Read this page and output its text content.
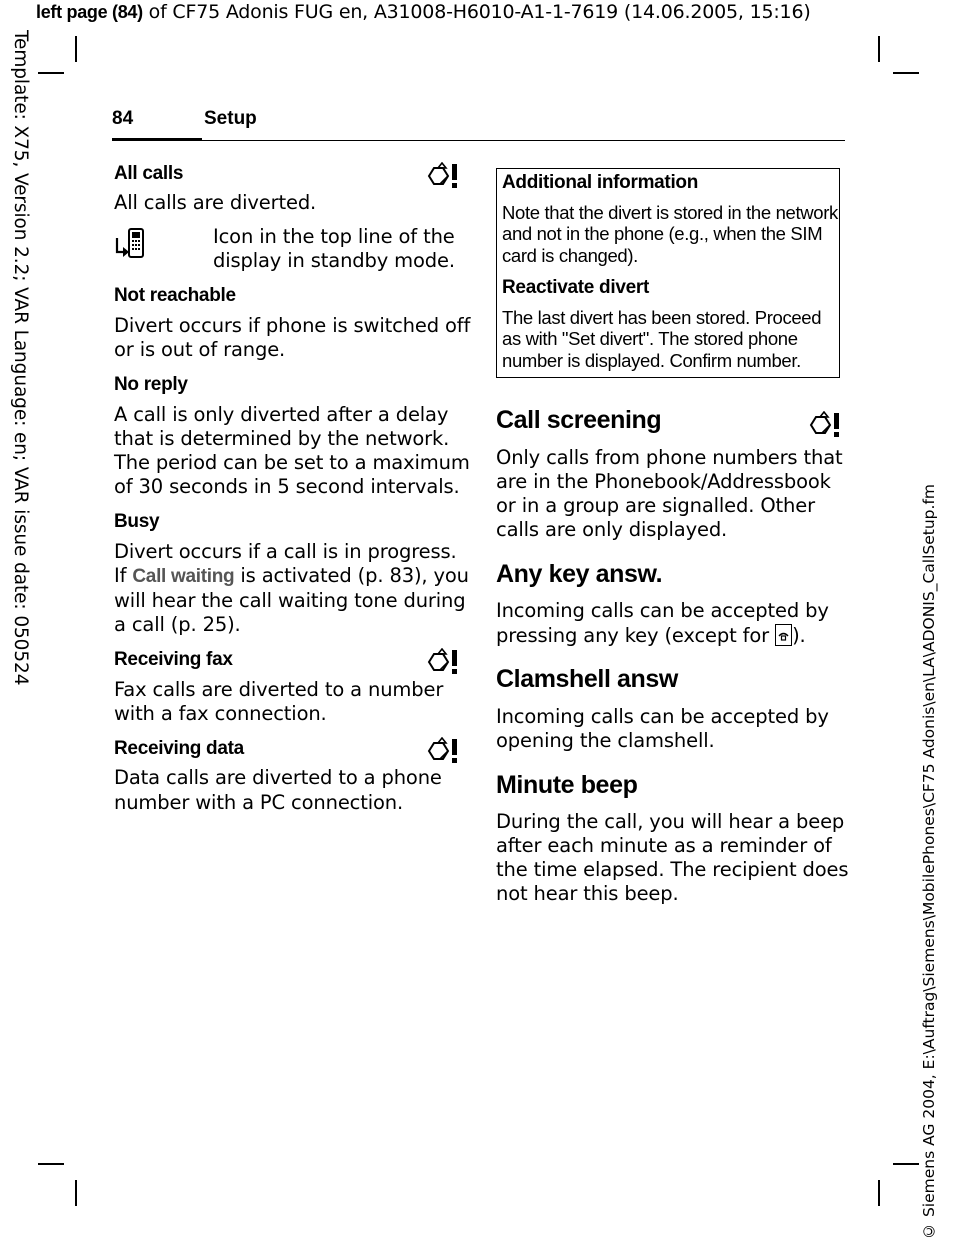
left page (84) of CF75 Adonis FUG en, A31008-H6010-A1-1-7619 (14.06.2005, 15:16)
Template: X75, Version 2.2; VAR Language: en; VAR issue date: 050524
© Siemens AG 2004, E:\Auftrag\Siemens\MobilePhones\CF75 Adonis\en\LA\ADONIS_CallSetup.fm
84	Setup
All calls
All calls are diverted.
Icon in the top line of the
display in standby mode.
Not reachable
Divert occurs if phone is switched off
or is out of range.
No reply
A call is only diverted after a delay
that is determined by the network.
The period can be set to a maximum
of 30 seconds in 5 second intervals.
Busy
Divert occurs if a call is in progress.
If Call waiting is activated (p. 83), you
will hear the call waiting tone during
a call (p. 25).
Receiving fax
Fax calls are diverted to a number
with a fax connection.
Receiving data
Data calls are diverted to a phone
number with a PC connection.
Additional information
Note that the divert is stored in the network
and not in the phone (e.g., when the SIM
card is changed).
Reactivate divert
The last divert has been stored. Proceed
as with "Set divert". The stored phone
number is displayed. Confirm number.
Call screening
Only calls from phone numbers that
are in the Phonebook/Addressbook
or in a group are signalled. Other
calls are only displayed.
Any key answ.
Incoming calls can be accepted by
pressing any key (except for
).
Clamshell answ
Incoming calls can be accepted by
opening the clamshell.
Minute beep
During the call, you will hear a beep
after each minute as a reminder of
the time elapsed. The recipient does
not hear this beep.
